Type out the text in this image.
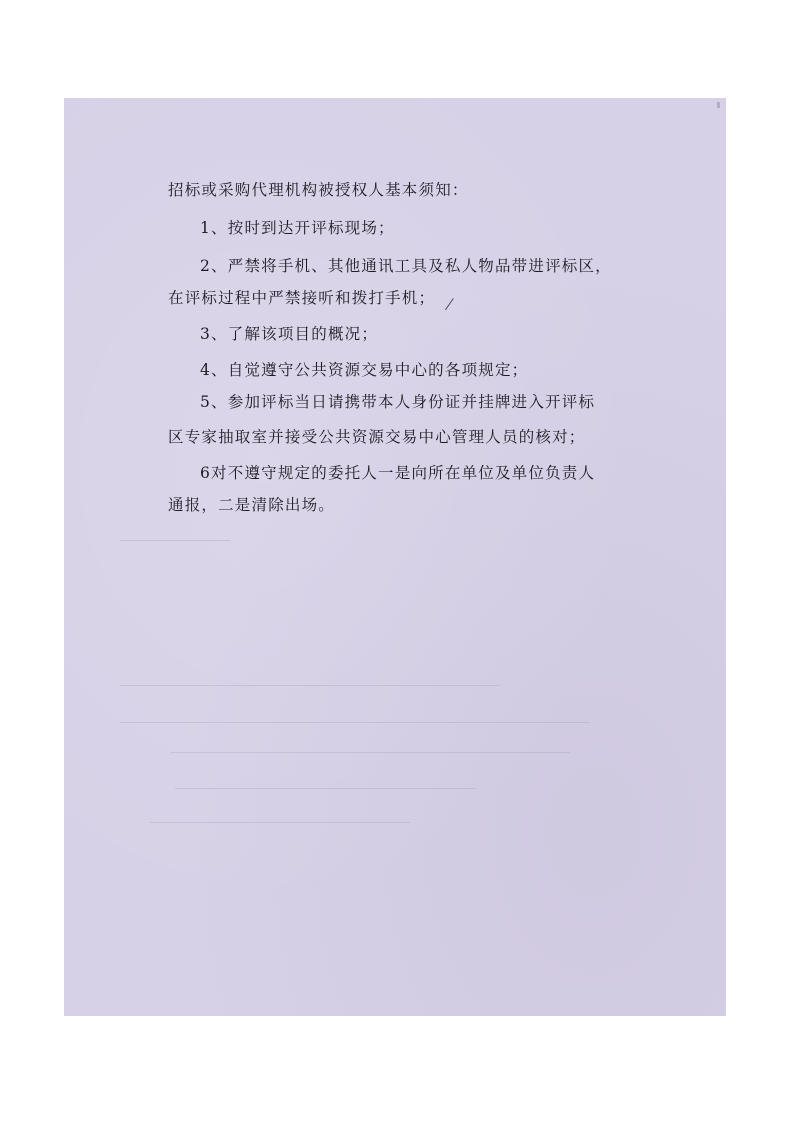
招标或采购代理机构被授权人基本须知：
1、按时到达开评标现场；
2、严禁将手机、其他通讯工具及私人物品带进评标区，
在评标过程中严禁接听和拨打手机；
3、了解该项目的概况；
4、自觉遵守公共资源交易中心的各项规定；
5、参加评标当日请携带本人身份证并挂牌进入开评标
区专家抽取室并接受公共资源交易中心管理人员的核对；
6对不遵守规定的委托人一是向所在单位及单位负责人
通报，二是清除出场。
